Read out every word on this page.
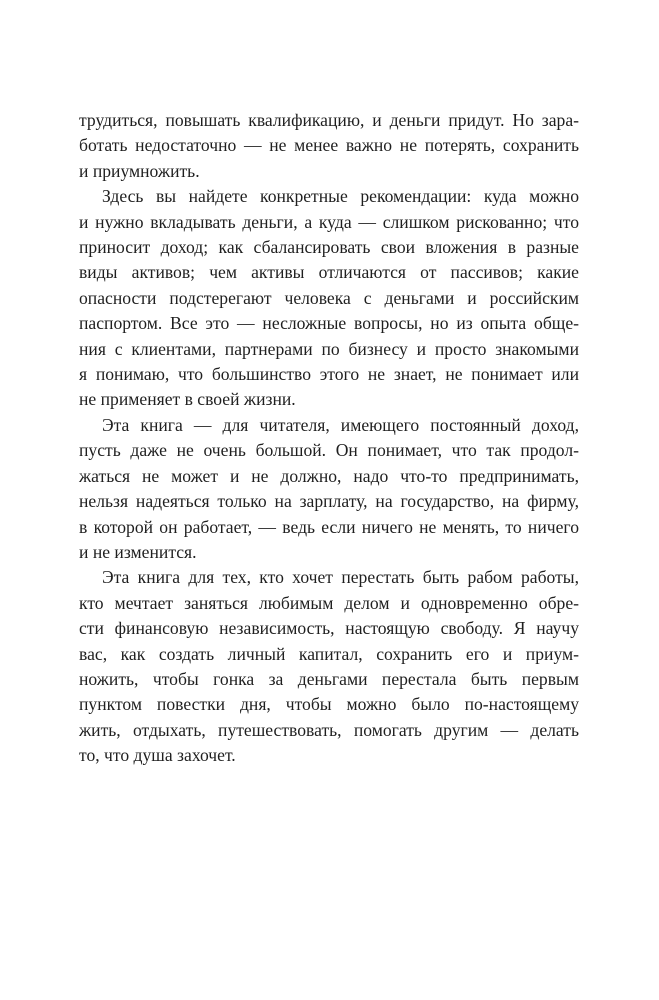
трудиться, повышать квалификацию, и деньги придут. Но зара-
ботать недостаточно — не менее важно не потерять, сохранить
и приумножить.

Здесь вы найдете конкретные рекомендации: куда можно
и нужно вкладывать деньги, а куда — слишком рискованно; что
приносит доход; как сбалансировать свои вложения в разные
виды активов; чем активы отличаются от пассивов; какие
опасности подстерегают человека с деньгами и российским
паспортом. Все это — несложные вопросы, но из опыта обще-
ния с клиентами, партнерами по бизнесу и просто знакомыми
я понимаю, что большинство этого не знает, не понимает или
не применяет в своей жизни.

Эта книга — для читателя, имеющего постоянный доход,
пусть даже не очень большой. Он понимает, что так продол-
жаться не может и не должно, надо что-то предпринимать,
нельзя надеяться только на зарплату, на государство, на фирму,
в которой он работает, — ведь если ничего не менять, то ничего
и не изменится.

Эта книга для тех, кто хочет перестать быть рабом работы,
кто мечтает заняться любимым делом и одновременно обре-
сти финансовую независимость, настоящую свободу. Я научу
вас, как создать личный капитал, сохранить его и приум-
ножить, чтобы гонка за деньгами перестала быть первым
пунктом повестки дня, чтобы можно было по-настоящему
жить, отдыхать, путешествовать, помогать другим — делать
то, что душа захочет.
